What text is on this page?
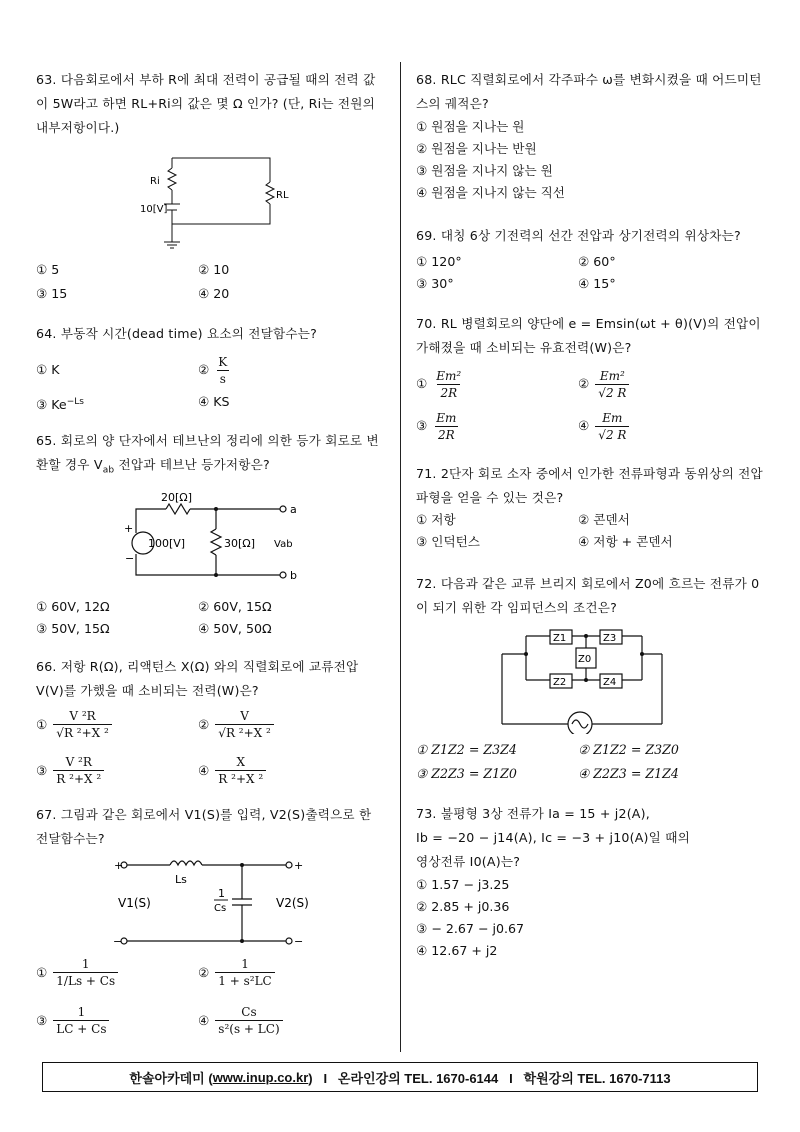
63. 다음회로에서 부하 R에 최대 전력이 공급될 때의 전력 값이 5W라고 하면 RL+Ri의 값은 몇 Ω 인가? (단, Ri는 전원의 내부저항이다.)
Ri
10[V]
RL
① 5	② 10
③ 15	④ 20
64. 부동작 시간(dead time) 요소의 전달함수는?
① K	② $\frac{K}{s}$
③ $Ke^{-Ls}$	④ KS
65. 회로의 양 단자에서 테브난의 정리에 의한 등가 회로로 변환할 경우 $V_{ab}$ 전압과 테브난 등가저항은?
+
−
20[Ω]
100[V]	30[Ω] Vab
a
b
① 60V, 12Ω	② 60V, 15Ω
③ 50V, 15Ω	④ 50V, 50Ω
66. 저항 R(Ω), 리액턴스 X(Ω) 와의 직렬회로에 교류전압V(V)를 가했을 때 소비되는 전력(W)은?
① $\frac{\text{V ²R}}{\text{√R ²+X ²}}$	② $\frac{V}{\text{√R ²+X ²}}$
③ $\frac{\text{V ²R}}{\text{R ²+X ²}}$	④ $\frac{X}{\text{R ²+X ²}}$
67. 그림과 같은 회로에서 V1(S)를 입력, V2(S)출력으로 한 전달함수는?
+	+
−	−
Ls
1
Cs
V1(S)	V2(S)
① $\frac{1}{1/Ls + Cs}$	② $\frac{1}{\text{1 + s²LC}}$
③ $\frac{1}{LC + Cs}$	④ $\frac{Cs}{\text{s²(s + LC)}}$
68. RLC 직렬회로에서 각주파수 ω를 변화시켰을 때 어드미턴스의 궤적은?
① 원점을 지나는 원
② 원점을 지나는 반원
③ 원점을 지나지 않는 원
④ 원점을 지나지 않는 직선
69. 대칭 6상 기전력의 선간 전압과 상기전력의 위상차는?
① 120°	② 60°
③ 30°	④ 15°
70. RL 병렬회로의 양단에 e = Emsin(ωt + θ)(V)의 전압이 가해졌을 때 소비되는 유효전력(W)은?
① $\frac{\text{Em²}}{2R}$	② $\frac{\text{Em²}}{√2 R}$
③ $\frac{Em}{2R}$	④ $\frac{Em}{√2 R}$
71. 2단자 회로 소자 중에서 인가한 전류파형과 동위상의 전압파형을 얻을 수 있는 것은?
① 저항	② 콘덴서
③ 인덕턴스	④ 저항 + 콘덴서
72. 다음과 같은 교류 브리지 회로에서 Z0에 흐르는 전류가 0이 되기 위한 각 임피던스의 조건은?
Z1	Z3
Z2	Z4
Z0
① Z1Z2 = Z3Z4	② Z1Z2 = Z3Z0
③ Z2Z3 = Z1Z0	④ Z2Z3 = Z1Z4
73. 불평형 3상 전류가 Ia = 15 + j2(A),
Ib = −20 − j14(A), Ic = −3 + j10(A)일 때의
영상전류 I0(A)는?
① 1.57 − j3.25
② 2.85 + j0.36
③ − 2.67 − j0.67
④ 12.67 + j2
한솔아카데미 ( www.inup.co.kr )   I   온라인강의 TEL. 1670-6144   I   학원강의 TEL. 1670-7113
